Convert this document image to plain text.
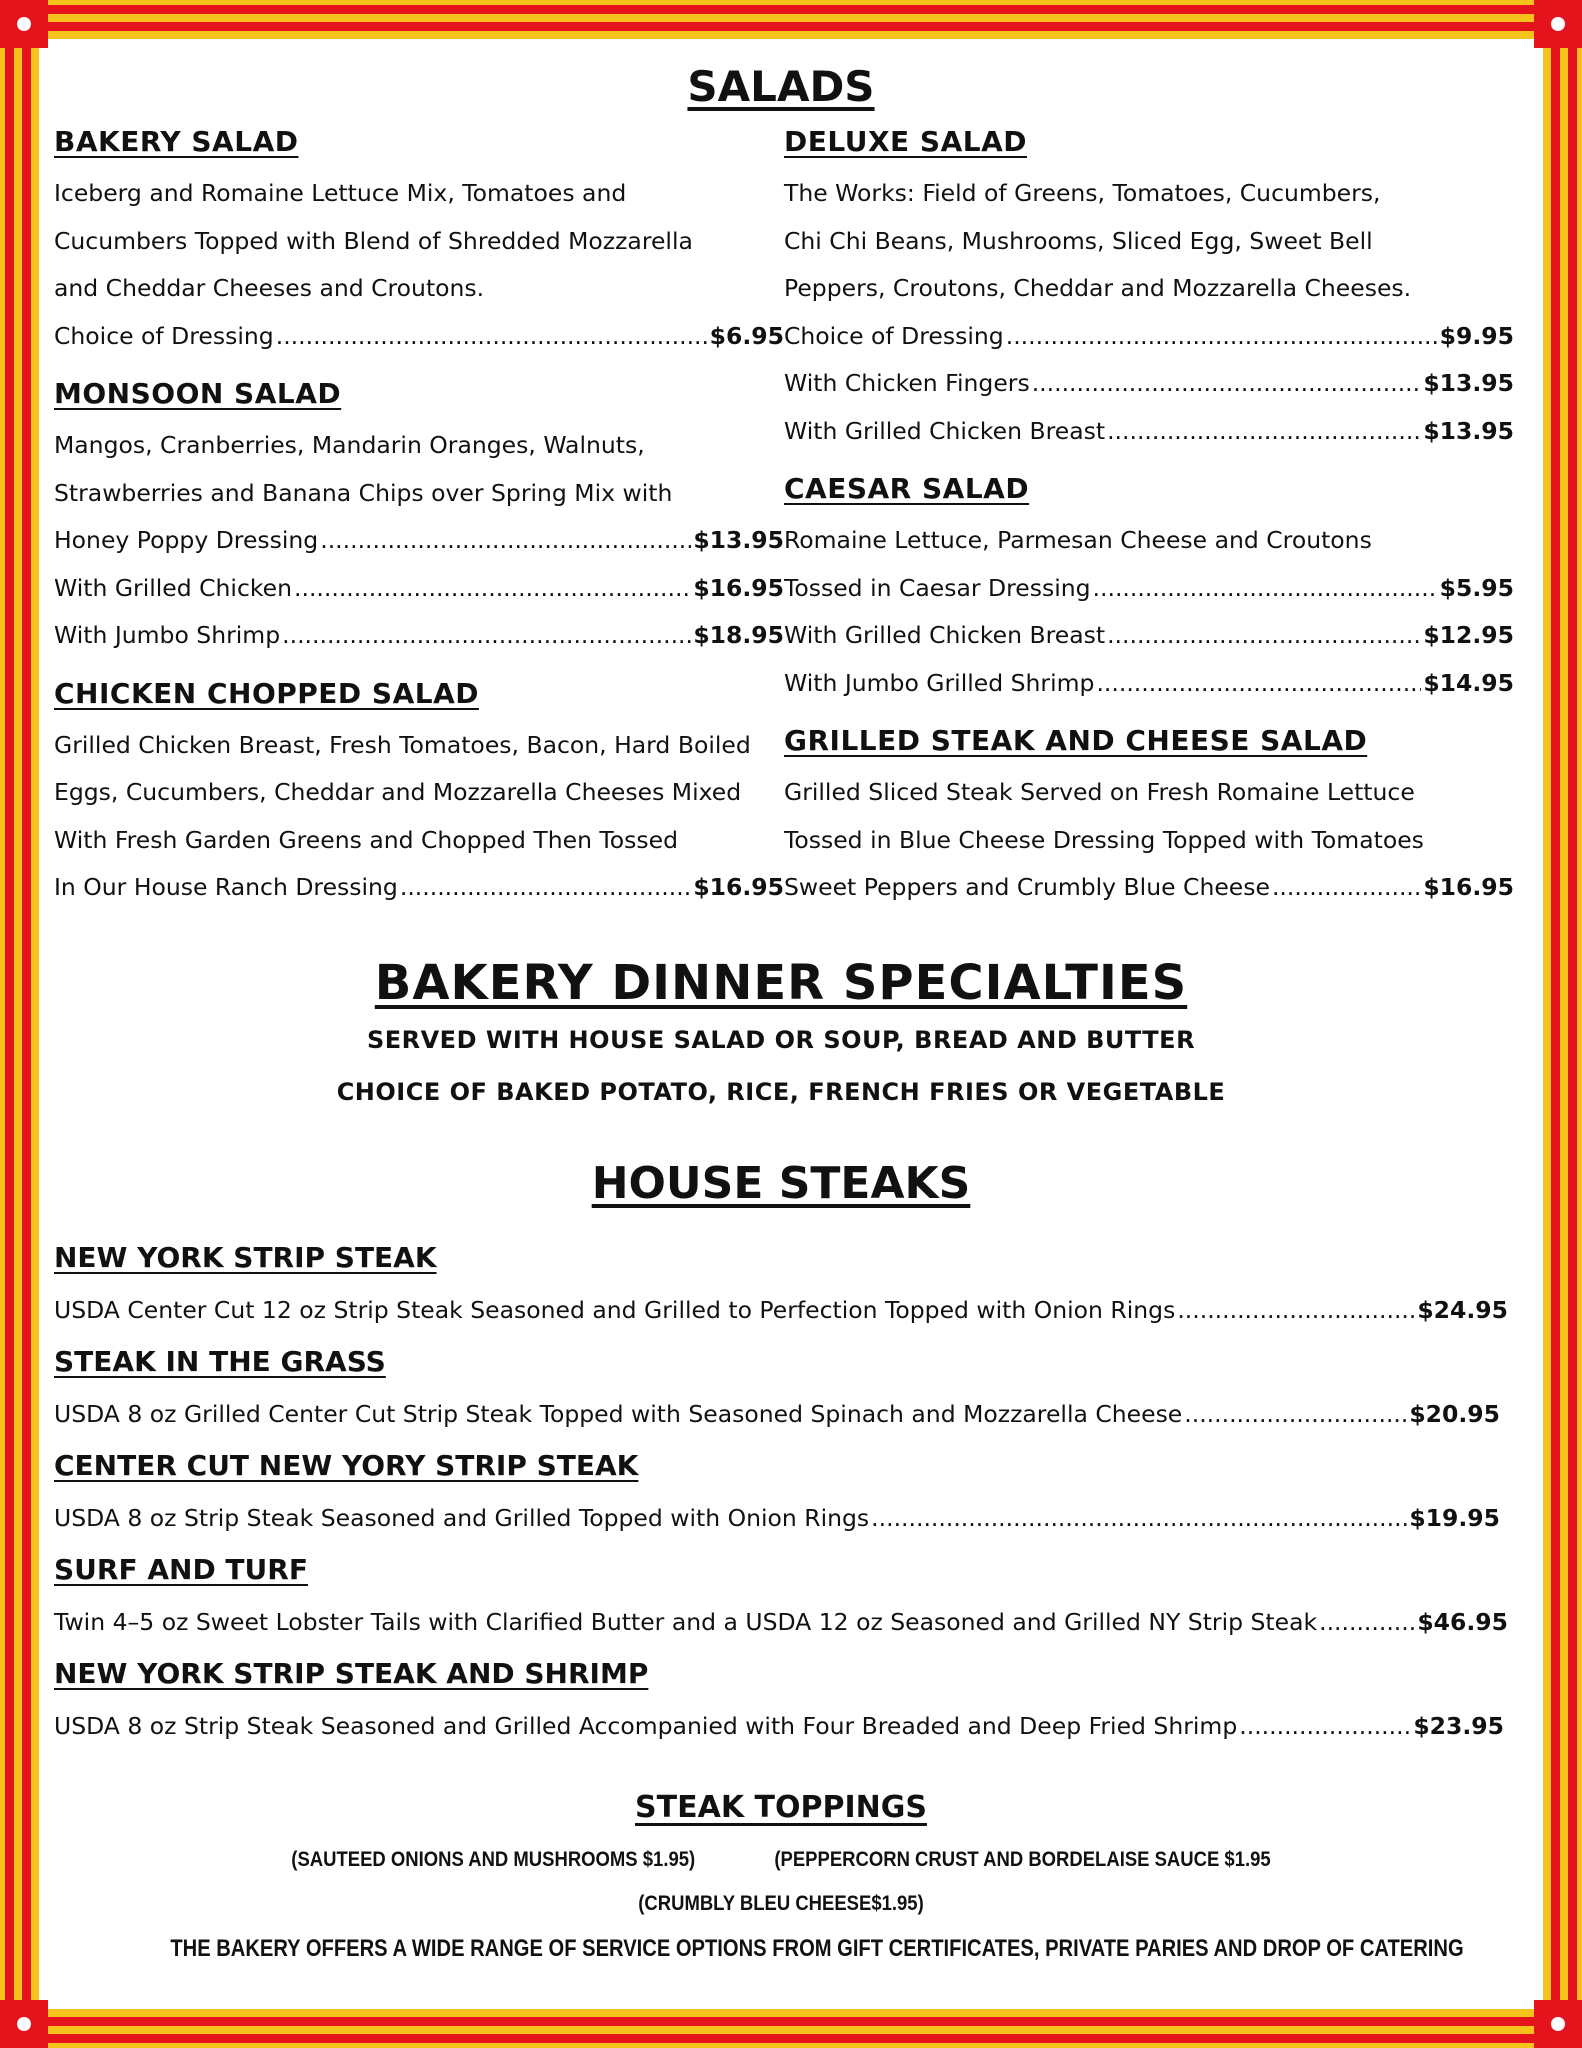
SALADS
BAKERY SALAD

Iceberg and Romaine Lettuce Mix, Tomatoes and

Cucumbers Topped with Blend of Shredded Mozzarella

and Cheddar Cheeses and Croutons.

Choice of Dressing .....	$6.95

MONSOON SALAD

Mangos, Cranberries, Mandarin Oranges, Walnuts,

Strawberries and Banana Chips over Spring Mix with

Honey Poppy Dressing .....	$13.95

With Grilled Chicken .....	$16.95

With Jumbo Shrimp .....	$18.95

CHICKEN CHOPPED SALAD

Grilled Chicken Breast, Fresh Tomatoes, Bacon, Hard Boiled

Eggs, Cucumbers, Cheddar and Mozzarella Cheeses Mixed

With Fresh Garden Greens and Chopped Then Tossed

In Our House Ranch Dressing .....	$16.95

DELUXE SALAD

The Works: Field of Greens, Tomatoes, Cucumbers,

Chi Chi Beans, Mushrooms, Sliced Egg, Sweet Bell

Peppers, Croutons, Cheddar and Mozzarella Cheeses.

Choice of Dressing .....	$9.95

With Chicken Fingers .....	$13.95

With Grilled Chicken Breast .....	$13.95

CAESAR SALAD

Romaine Lettuce, Parmesan Cheese and Croutons

Tossed in Caesar Dressing .....	$5.95

With Grilled Chicken Breast .....	$12.95

With Jumbo Grilled Shrimp .....	$14.95

GRILLED STEAK AND CHEESE SALAD

Grilled Sliced Steak Served on Fresh Romaine Lettuce

Tossed in Blue Cheese Dressing Topped with Tomatoes

Sweet Peppers and Crumbly Blue Cheese .....	$16.95

BAKERY DINNER SPECIALTIES

SERVED WITH HOUSE SALAD OR SOUP, BREAD AND BUTTER

CHOICE OF BAKED POTATO, RICE, FRENCH FRIES OR VEGETABLE

HOUSE STEAKS
NEW YORK STRIP STEAK

USDA Center Cut 12 oz Strip Steak Seasoned and Grilled to Perfection Topped with Onion Rings .....	$24.95

STEAK IN THE GRASS

USDA 8 oz Grilled Center Cut Strip Steak Topped with Seasoned Spinach and Mozzarella Cheese .....	$20.95

CENTER CUT NEW YORY STRIP STEAK

USDA 8 oz Strip Steak Seasoned and Grilled Topped with Onion Rings .....	$19.95

SURF AND TURF

Twin 4–5 oz Sweet Lobster Tails with Clarified Butter and a USDA 12 oz Seasoned and Grilled NY Strip Steak .....	$46.95

NEW YORK STRIP STEAK AND SHRIMP

USDA 8 oz Strip Steak Seasoned and Grilled Accompanied with Four Breaded and Deep Fried Shrimp .....	$23.95

STEAK TOPPINGS
(SAUTEED ONIONS AND MUSHROOMS $1.95)	(PEPPERCORN CRUST AND BORDELAISE SAUCE $1.95
(CRUMBLY BLEU CHEESE$1.95)
THE BAKERY OFFERS A WIDE RANGE OF SERVICE OPTIONS FROM GIFT CERTIFICATES, PRIVATE PARIES AND DROP OF CATERING
